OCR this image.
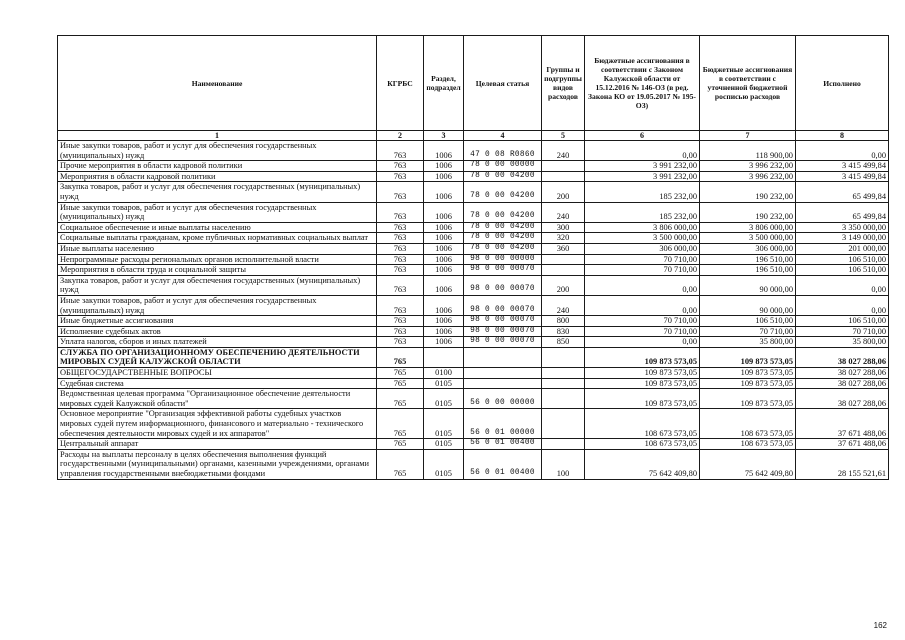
Наименование	КГРБС	Раздел, подраздел	Целевая статья	Группы и подгруппы видов расходов	Бюджетные ассигнования в соответствии с Законом Калужской области от 15.12.2016 № 146-ОЗ (в ред. Закона КО от 19.05.2017 № 195-ОЗ)	Бюджетные ассигнования в соответствии с уточненной бюджетной росписью расходов	Исполнено
1	2	3	4	5	6	7	8
Иные закупки товаров, работ и услуг для обеспечения государственных (муниципальных) нужд	763	1006	47 0 08 R0860	240	0,00	118 900,00	0,00
Прочие мероприятия в области кадровой политики	763	1006	78 0 00 00000		3 991 232,00	3 996 232,00	3 415 499,84
Мероприятия в области кадровой политики	763	1006	78 0 00 04200		3 991 232,00	3 996 232,00	3 415 499,84
Закупка товаров, работ и услуг для обеспечения государственных (муниципальных) нужд	763	1006	78 0 00 04200	200	185 232,00	190 232,00	65 499,84
Иные закупки товаров, работ и услуг для обеспечения государственных (муниципальных) нужд	763	1006	78 0 00 04200	240	185 232,00	190 232,00	65 499,84
Социальное обеспечение и иные выплаты населению	763	1006	78 0 00 04200	300	3 806 000,00	3 806 000,00	3 350 000,00
Социальные выплаты гражданам, кроме публичных нормативных социальных выплат	763	1006	78 0 00 04200	320	3 500 000,00	3 500 000,00	3 149 000,00
Иные выплаты населению	763	1006	78 0 00 04200	360	306 000,00	306 000,00	201 000,00
Непрограммные расходы региональных органов исполнительной власти	763	1006	98 0 00 00000		70 710,00	196 510,00	106 510,00
Мероприятия в области труда и социальной защиты	763	1006	98 0 00 00070		70 710,00	196 510,00	106 510,00
Закупка товаров, работ и услуг для обеспечения государственных (муниципальных) нужд	763	1006	98 0 00 00070	200	0,00	90 000,00	0,00
Иные закупки товаров, работ и услуг для обеспечения государственных (муниципальных) нужд	763	1006	98 0 00 00070	240	0,00	90 000,00	0,00
Иные бюджетные ассигнования	763	1006	98 0 00 00070	800	70 710,00	106 510,00	106 510,00
Исполнение судебных актов	763	1006	98 0 00 00070	830	70 710,00	70 710,00	70 710,00
Уплата налогов, сборов и иных платежей	763	1006	98 0 00 00070	850	0,00	35 800,00	35 800,00
СЛУЖБА ПО ОРГАНИЗАЦИОННОМУ ОБЕСПЕЧЕНИЮ ДЕЯТЕЛЬНОСТИ МИРОВЫХ СУДЕЙ КАЛУЖСКОЙ ОБЛАСТИ	765				109 873 573,05	109 873 573,05	38 027 288,06
ОБЩЕГОСУДАРСТВЕННЫЕ ВОПРОСЫ	765	0100			109 873 573,05	109 873 573,05	38 027 288,06
Судебная система	765	0105			109 873 573,05	109 873 573,05	38 027 288,06
Ведомственная целевая программа "Организационное обеспечение деятельности мировых судей Калужской области"	765	0105	56 0 00 00000		109 873 573,05	109 873 573,05	38 027 288,06
Основное мероприятие "Организация эффективной работы судебных участков мировых судей путем информационного, финансового и материально - технического обеспечения деятельности мировых судей и их аппаратов"	765	0105	56 0 01 00000		108 673 573,05	108 673 573,05	37 671 488,06
Центральный аппарат	765	0105	56 0 01 00400		108 673 573,05	108 673 573,05	37 671 488,06
Расходы на выплаты персоналу в целях обеспечения выполнения функций государственными (муниципальными) органами, казенными учреждениями, органами управления государственными внебюджетными фондами	765	0105	56 0 01 00400	100	75 642 409,80	75 642 409,80	28 155 521,61
162
